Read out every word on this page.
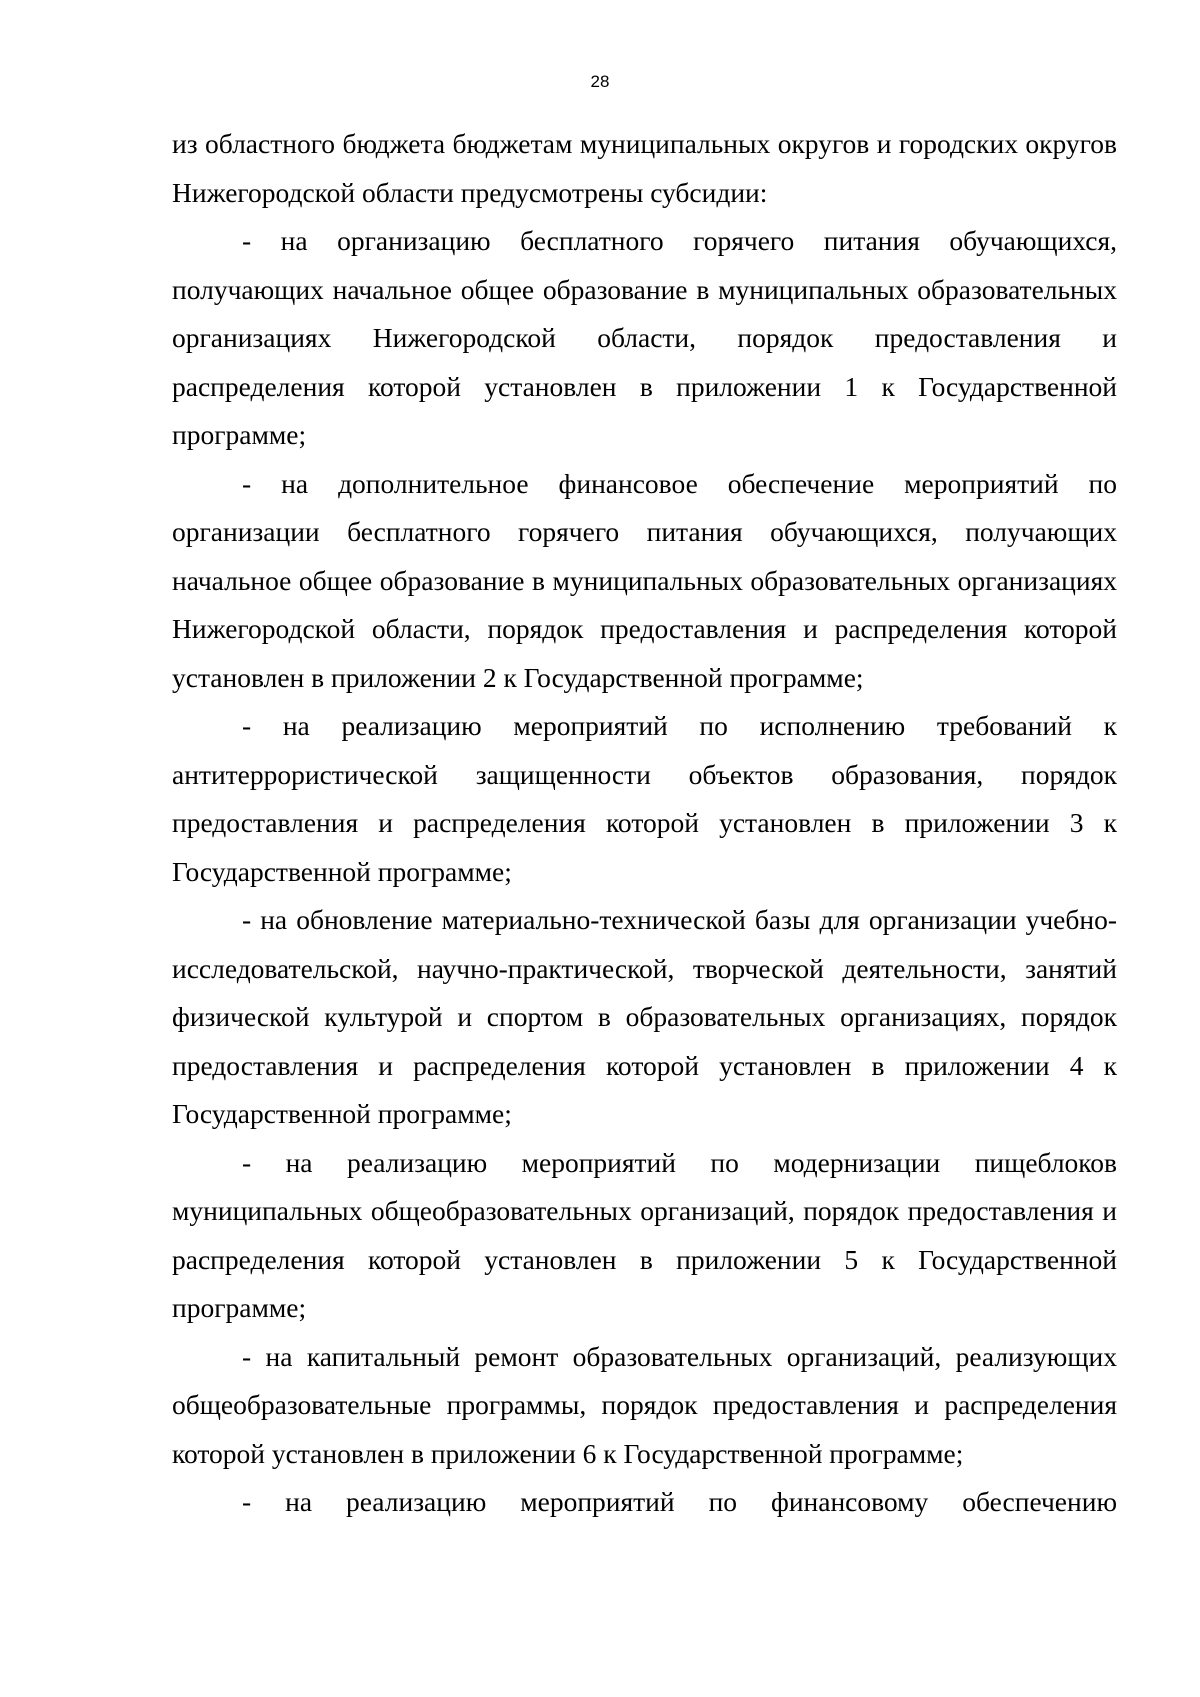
28

из областного бюджета бюджетам муниципальных округов и городских округов Нижегородской области предусмотрены субсидии:

- на организацию бесплатного горячего питания обучающихся, получающих начальное общее образование в муниципальных образовательных организациях Нижегородской области, порядок предоставления и распределения которой установлен в приложении 1 к Государственной программе;

- на дополнительное финансовое обеспечение мероприятий по организации бесплатного горячего питания обучающихся, получающих начальное общее образование в муниципальных образовательных организациях Нижегородской области, порядок предоставления и распределения которой установлен в приложении 2 к Государственной программе;

- на реализацию мероприятий по исполнению требований к антитеррористической защищенности объектов образования, порядок предоставления и распределения которой установлен в приложении 3 к Государственной программе;

- на обновление материально-технической базы для организации учебно-исследовательской, научно-практической, творческой деятельности, занятий физической культурой и спортом в образовательных организациях, порядок предоставления и распределения которой установлен в приложении 4 к Государственной программе;

- на реализацию мероприятий по модернизации пищеблоков муниципальных общеобразовательных организаций, порядок предоставления и распределения которой установлен в приложении 5 к Государственной программе;

- на капитальный ремонт образовательных организаций, реализующих общеобразовательные программы, порядок предоставления и распределения которой установлен в приложении 6 к Государственной программе;

- на реализацию мероприятий по финансовому обеспечению
